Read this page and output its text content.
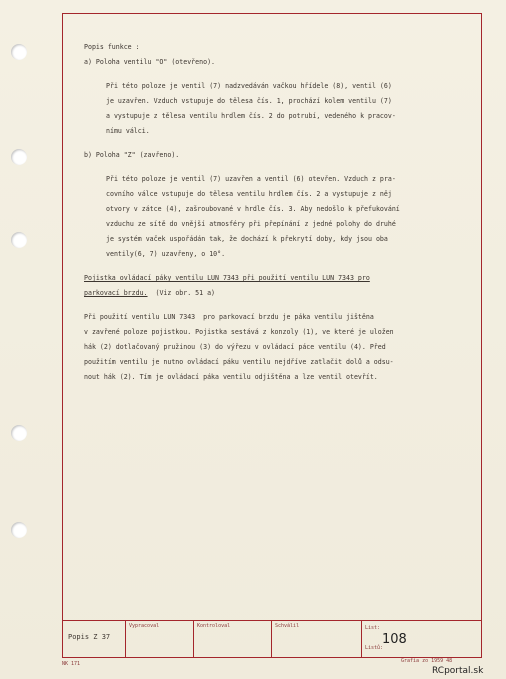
Popis funkce :
a) Poloha ventilu "O" (otevřeno).
Při této poloze je ventil (7) nadzvedáván vačkou hřídele (8), ventil (6)
je uzavřen. Vzduch vstupuje do tělesa čís. 1, prochází kolem ventilu (7)
a vystupuje z tělesa ventilu hrdlem čís. 2 do potrubí, vedeného k pracov-
nímu válci.
b) Poloha "Z" (zavřeno).
Při této poloze je ventil (7) uzavřen a ventil (6) otevřen. Vzduch z pra-
covního válce vstupuje do tělesa ventilu hrdlem čís. 2 a vystupuje z něj
otvory v zátce (4), zašroubované v hrdle čís. 3. Aby nedošlo k přefukování
vzduchu ze sítě do vnější atmosféry při přepínání z jedné polohy do druhé
je systém vaček uspořádán tak, že dochází k překrytí doby, kdy jsou oba
ventily(6, 7) uzavřeny, o 10°.
Pojistka ovládací páky ventilu LUN 7343 při použití ventilu LUN 7343 pro
parkovací brzdu.  (Viz obr. 51 a)
Při použití ventilu LUN 7343  pro parkovací brzdu je páka ventilu jištěna
v zavřené poloze pojistkou. Pojistka sestává z konzoly (1), ve které je uložen
hák (2) dotlačovaný pružinou (3) do výřezu v ovládací páce ventilu (4). Před
použitím ventilu je nutno ovládací páku ventilu nejdříve zatlačit dolů a odsu-
nout hák (2). Tím je ovládací páka ventilu odjištěna a lze ventil otevřít.
Popis Z 37
Vypracoval	Kontroloval	Schválil	List:
Listů:
108
NK 171	Grafia zo 1959 48
RCportal.sk
